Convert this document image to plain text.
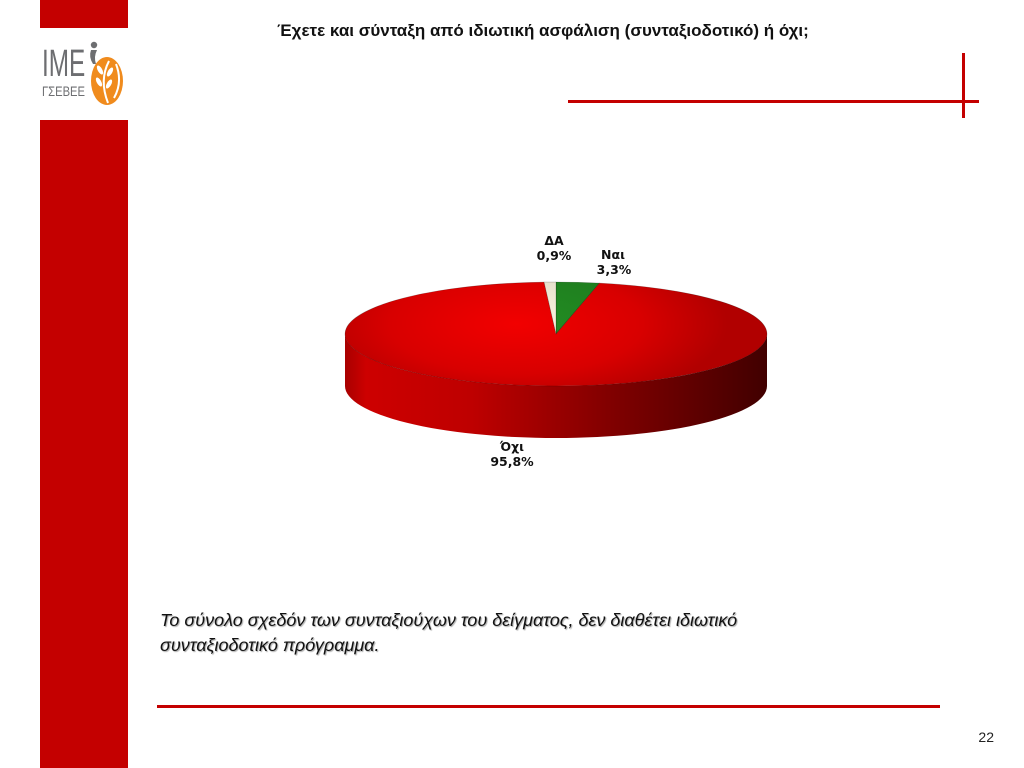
IME
ΓΣΕΒΕΕ
Έχετε και σύνταξη από ιδιωτική ασφάλιση (συνταξιοδοτικό) ή όχι;
ΔΑ
0,9% Ναι
3,3%
Όχι
95,8%
Το σύνολο σχεδόν των συνταξιούχων του δείγματος, δεν διαθέτει ιδιωτικό συνταξιοδοτικό πρόγραμμα.
22
